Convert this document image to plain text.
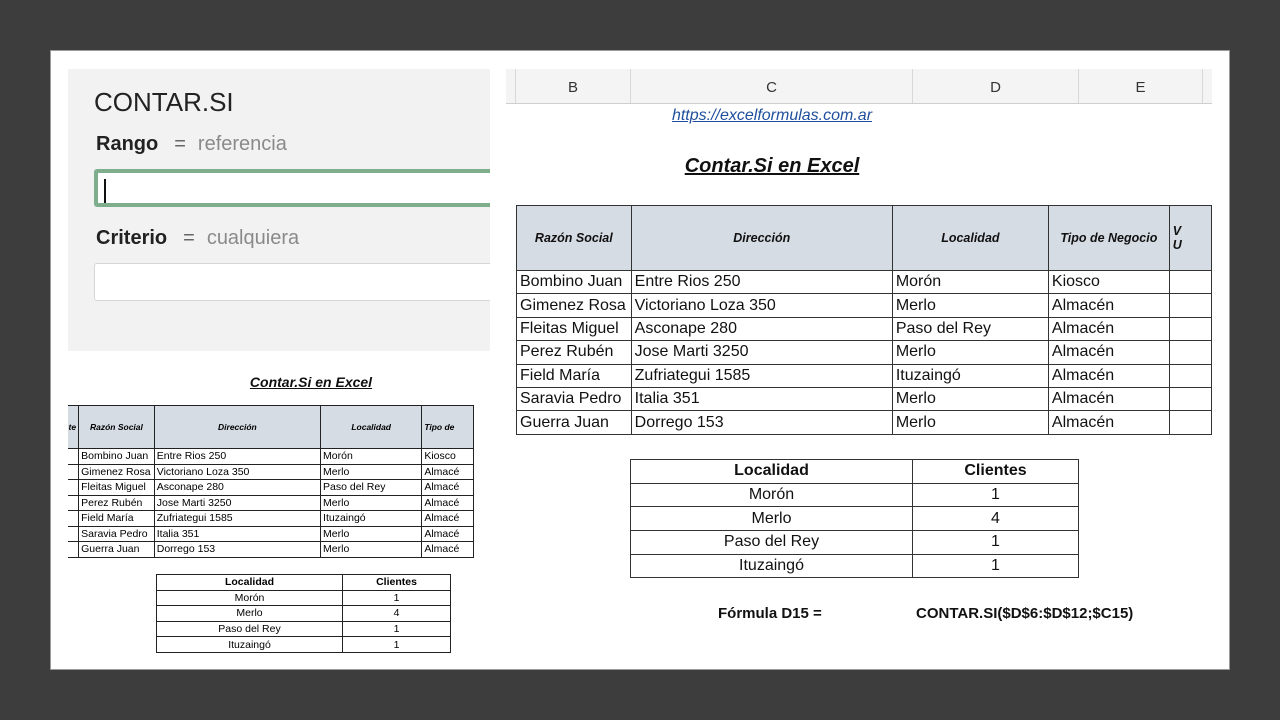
CONTAR.SI
Rango = referencia
Criterio = cualquiera
Contar.Si en Excel
te	Razón Social	Dirección	Localidad	Tipo de
	Bombino Juan	Entre Rios 250	Morón	Kiosco
	Gimenez Rosa	Victoriano Loza 350	Merlo	Almacé
	Fleitas Miguel	Asconape 280	Paso del Rey	Almacé
	Perez Rubén	Jose Marti 3250	Merlo	Almacé
	Field María	Zufriategui 1585	Ituzaingó	Almacé
	Saravia Pedro	Italia 351	Merlo	Almacé
	Guerra Juan	Dorrego 153	Merlo	Almacé
Localidad	Clientes
Morón	1
Merlo	4
Paso del Rey	1
Ituzaingó	1
B	C	D	E
https://excelformulas.com.ar
Contar.Si en Excel
Razón Social	Dirección	Localidad	Tipo de Negocio	V
U
Bombino Juan	Entre Rios 250	Morón	Kiosco	
Gimenez Rosa	Victoriano Loza 350	Merlo	Almacén	
Fleitas Miguel	Asconape 280	Paso del Rey	Almacén	
Perez Rubén	Jose Marti 3250	Merlo	Almacén	
Field María	Zufriategui 1585	Ituzaingó	Almacén	
Saravia Pedro	Italia 351	Merlo	Almacén	
Guerra Juan	Dorrego 153	Merlo	Almacén	
Localidad	Clientes
Morón	1
Merlo	4
Paso del Rey	1
Ituzaingó	1
Fórmula D15 =	CONTAR.SI($D$6:$D$12;$C15)
